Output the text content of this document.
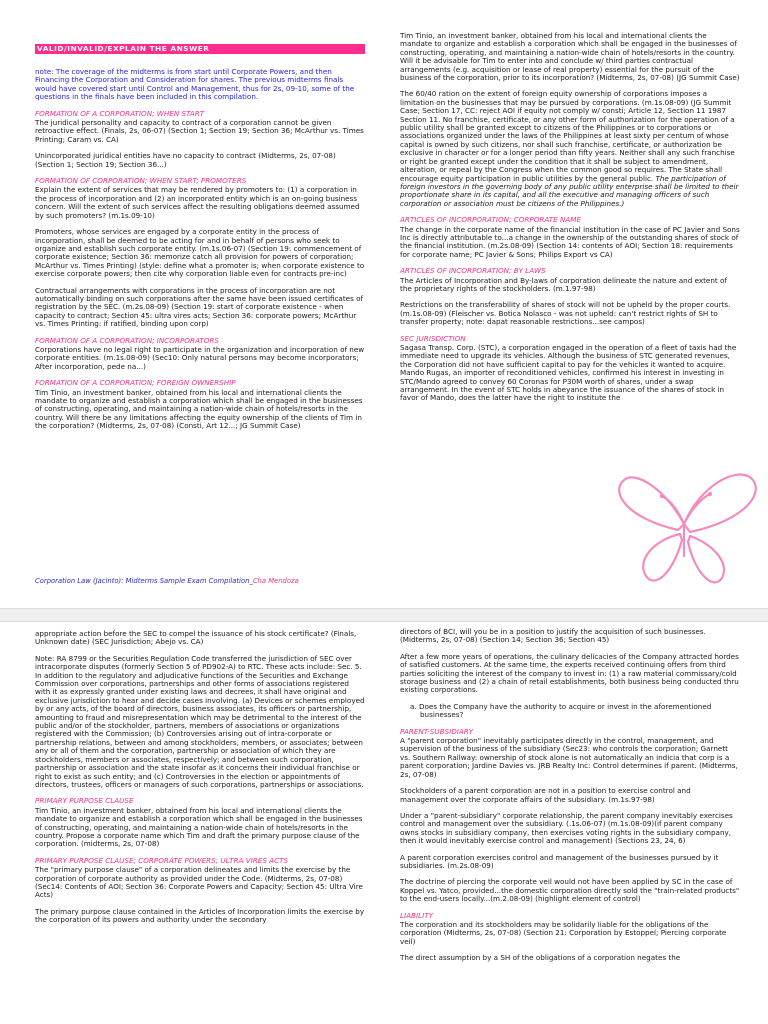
VALID/INVALID/EXPLAIN THE ANSWER

note: The coverage of the midterms is from start until Corporate Powers, and then Financing the Corporation and Consideration for shares. The previous midterms finals would have covered start until Control and Management, thus for 2s, 09-10, some of the questions in the finals have been included in this compilation.

FORMATION OF A CORPORATION; WHEN START
The juridical personality and capacity to contract of a corporation cannot be given retroactive effect. (Finals, 2s, 06-07) (Section 1; Section 19; Section 36; McArthur vs. Times Printing; Caram vs. CA)
Unincorporated juridical entities have no capacity to contract (Midterms, 2s, 07-08) (Section 1; Section 19; Section 36...)
FORMATION OF CORPORATION; WHEN START; PROMOTERS
Explain the extent of services that may be rendered by promoters to: (1) a corporation in the process of incorporation and (2) an incorporated entity which is an on-going business concern. Will the extent of such services affect the resulting obligations deemed assumed by such promoters? (m.1s.09-10)
Promoters, whose services are engaged by a corporate entity in the process of incorporation, shall be deemed to be acting for and in behalf of persons who seek to organize and establish such corporate entity. (m.1s.06-07) (Section 19: commencement of corporate existence; Section 36: memorize catch all provision for powers of corporation; McArthur vs. Times Printing) (style: define what a promoter is; when corporate existence to exercise corporate powers; then cite why corporation liable even for contracts pre-inc)
Contractual arrangements with corporations in the process of incorporation are not automatically binding on such corporations after the same have been issued certificates of registration by the SEC. (m.2s.08-09) (Section 19: start of corporate existence - when capacity to contract; Section 45: ultra vires acts; Section 36: corporate powers; McArthur vs. Times Printing: if ratified, binding upon corp)
FORMATION OF A CORPORATION; INCORPORATORS
Corporations have no legal right to participate in the organization and incorporation of new corporate entities. (m.1s.08-09) (Sec10: Only natural persons may become incorporators; After incorporation, pede na...)
FORMATION OF A CORPORATION; FOREIGN OWNERSHIP
Tim Tinio, an investment banker, obtained from his local and international clients the mandate to organize and establish a corporation which shall be engaged in the businesses of constructing, operating, and maintaining a nation-wide chain of hotels/resorts in the country. Will there be any limitations affecting the equity ownership of the clients of Tim in the corporation? (Midterms, 2s, 07-08) (Consti, Art 12...; JG Summit Case)
Tim Tinio, an investment banker, obtained from his local and international clients the mandate to organize and establish a corporation which shall be engaged in the businesses of constructing, operating, and maintaining a nation-wide chain of hotels/resorts in the country. Will it be advisable for Tim to enter into and conclude w/ third parties contractual arrangements (e.g. acquisition or lease of real property) essential for the pursuit of the business of the corporation, prior to its incorporation? (Midterms, 2s, 07-08) (JG Summit Case)
The 60/40 ration on the extent of foreign equity ownership of corporations imposes a limitation on the businesses that may be pursued by corporations. (m.1s.08-09) (JG Summit Case; Section 17, CC: reject AOI if equity not comply w/ consti; Article 12, Section 11 1987 Section 11. No franchise, certificate, or any other form of authorization for the operation of a public utility shall be granted except to citizens of the Philippines or to corporations or associations organized under the laws of the Philippines at least sixty per centum of whose capital is owned by such citizens, nor shall such franchise, certificate, or authorization be exclusive in character or for a longer period than fifty years. Neither shall any such franchise or right be granted except under the condition that it shall be subject to amendment, alteration, or repeal by the Congress when the common good so requires. The State shall encourage equity participation in public utilities by the general public. The participation of foreign investors in the governing body of any public utility enterprise shall be limited to their proportionate share in its capital, and all the executive and managing officers of such corporation or association must be citizens of the Philippines.)
ARTICLES OF INCORPORATION; CORPORATE NAME
The change in the corporate name of the financial institution in the case of PC Javier and Sons Inc is directly attributable to...a change in the ownership of the outstanding shares of stock of the financial institution. (m.2s.08-09) (Section 14: contents of AOI; Section 18: requirements for corporate name; PC Javier & Sons; Philips Export vs CA)
ARTICLES OF INCORPORATION; BY LAWS
The Articles of Incorporation and By-laws of corporation delineate the nature and extent of the proprietary rights of the stockholders. (m.1.97-98)
Restrictions on the transferability of shares of stock will not be upheld by the proper courts. (m.1s.08-09) (Fleischer vs. Botica Nolasco - was not upheld: can't restrict rights of SH to transfer property; note: dapat reasonable restrictions...see campos)
SEC JURISDICTION
Sagasa Transp. Corp. (STC), a corporation engaged in the operation of a fleet of taxis had the immediate need to upgrade its vehicles. Although the business of STC generated revenues, the Corporation did not have sufficient capital to pay for the vehicles it wanted to acquire. Mando Rugas, an importer of reconditioned vehicles, confirmed his interest in investing in STC/Mando agreed to convey 60 Coronas for P30M worth of shares, under a swap arrangement. In the event of STC holds in abeyance the issuance of the shares of stock in favor of Mando, does the latter have the right to institute the
Corporation Law (Jacinto): Midterms Sample Exam Compilation_Cha Mendoza
appropriate action before the SEC to compel the issuance of his stock certificate? (Finals, Unknown date) (SEC Jurisdiction; Abejo vs. CA)
Note: RA 8799 or the Securities Regulation Code transferred the jurisdiction of SEC over intracorporate disputes (formerly Section 5 of PD902-A) to RTC. These acts include: Sec. 5. In addition to the regulatory and adjudicative functions of the Securities and Exchange Commission over corporations, partnerships and other forms of associations registered with it as expressly granted under existing laws and decrees, it shall have original and exclusive jurisdiction to hear and decide cases involving. (a) Devices or schemes employed by or any acts, of the board of directors, business associates, its officers or partnership, amounting to fraud and misrepresentation which may be detrimental to the interest of the public and/or of the stockholder, partners, members of associations or organizations registered with the Commission; (b) Controversies arising out of intra-corporate or partnership relations, between and among stockholders, members, or associates; between any or all of them and the corporation, partnership or association of which they are stockholders, members or associates, respectively; and between such corporation, partnership or association and the state insofar as it concerns their individual franchise or right to exist as such entity; and (c) Controversies in the election or appointments of directors, trustees, officers or managers of such corporations, partnerships or associations.
PRIMARY PURPOSE CLAUSE
Tim Tinio, an investment banker, obtained from his local and international clients the mandate to organize and establish a corporation which shall be engaged in the businesses of constructing, operating, and maintaining a nation-wide chain of hotels/resorts in the country. Propose a corporate name which Tim and draft the primary purpose clause of the corporation. (midterms, 2s, 07-08)
PRIMARY PURPOSE CLAUSE; CORPORATE POWERS; ULTRA VIRES ACTS
The "primary purpose clause" of a corporation delineates and limits the exercise by the corporation of corporate authority as provided under the Code. (Midterms, 2s, 07-08) (Sec14: Contents of AOI; Section 36: Corporate Powers and Capacity; Section 45: Ultra Vire Acts)
The primary purpose clause contained in the Articles of Incorporation limits the exercise by the corporation of its powers and authority under the secondary
directors of BCI, will you be in a position to justify the acquisition of such businesses.(Midterms, 2s, 07-08) (Section 14; Section 36; Section 45)
After a few more years of operations, the culinary delicacies of the Company attracted hordes of satisfied customers. At the same time, the experts received continuing offers from third parties soliciting the interest of the company to invest in: (1) a raw material commissary/cold storage business and (2) a chain of retail establishments, both business being conducted thru existing corporations.
a. Does the Company have the authority to acquire or invest in the aforementioned businesses?
PARENT-SUBSIDIARY
A "parent corporation" inevitably participates directly in the control, management, and supervision of the business of the subsidiary (Sec23: who controls the corporation; Garnett vs. Southern Railway: ownership of stock alone is not automatically an indicia that corp is a parent corporation; Jardine Davies vs. JRB Realty Inc: Control determines if parent. (Midterms, 2s, 07-08)
Stockholders of a parent corporation are not in a position to exercise control and management over the corporate affairs of the subsidiary. (m.1s.97-98)
Under a "parent-subsidiary" corporate relationship, the parent company inevitably exercises control and management over the subsidiary. (.1s.06-07) (m.1s.08-09)(if parent company owns stocks in subsidiary company, then exercises voting rights in the subsidiary company, then it would inevitably exercise control and management) (Sections 23, 24, 6)
A parent corporation exercises control and management of the businesses pursued by it subsidiaries. (m.2s.08-09)
The doctrine of piercing the corporate veil would not have been applied by SC in the case of Koppel vs. Yatco, provided...the domestic corporation directly sold the "train-related products" to the end-users locally...(m.2.08-09) (highlight element of control)
LIABILITY
The corporation and its stockholders may be solidarily liable for the obligations of the corporation (Midterms, 2s, 07-08) (Section 21: Corporation by Estoppel; Piercing corporate veil)
The direct assumption by a SH of the obligations of a corporation negates the
